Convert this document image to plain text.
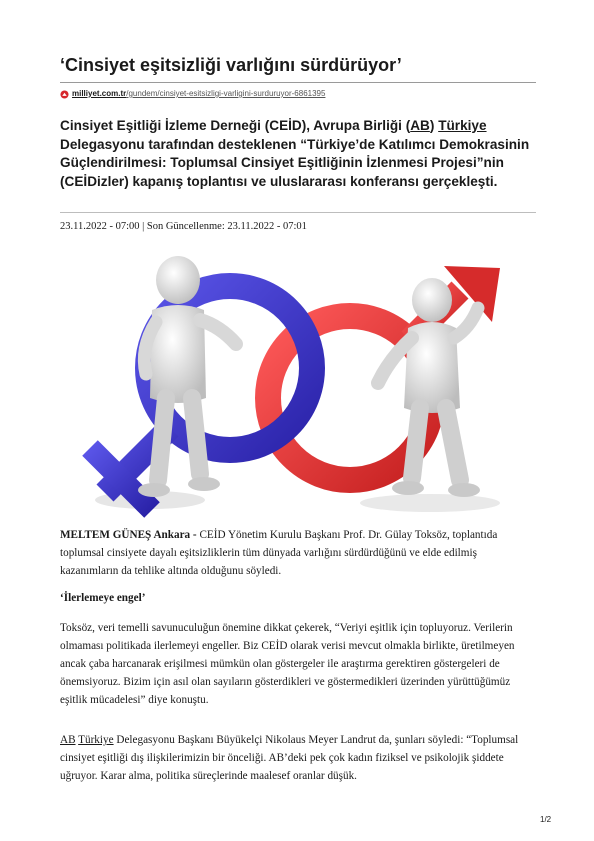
‘Cinsiyet eşitsizliği varlığını sürdürüyor’
milliyet.com.tr/gundem/cinsiyet-esitsizligi-varligini-surduruyor-6861395

Cinsiyet Eşitliği İzleme Derneği (CEİD), Avrupa Birliği (AB) Türkiye Delegasyonu tarafından desteklenen “Türkiye’de Katılımcı Demokrasinin Güçlendirilmesi: Toplumsal Cinsiyet Eşitliğinin İzlenmesi Projesi”nin (CEİDizler) kapanış toplantısı ve uluslararası konferansı gerçekleşti.

23.11.2022 - 07:00 | Son Güncellenme: 23.11.2022 - 07:01

MELTEM GÜNEŞ Ankara - CEİD Yönetim Kurulu Başkanı Prof. Dr. Gülay Toksöz, toplantıda toplumsal cinsiyete dayalı eşitsizliklerin tüm dünyada varlığını sürdürdüğünü ve elde edilmiş kazanımların da tehlike altında olduğunu söyledi.

‘İlerlemeye engel’

Toksöz, veri temelli savunuculuğun önemine dikkat çekerek, “Veriyi eşitlik için topluyoruz. Verilerin olmaması politikada ilerlemeyi engeller. Biz CEİD olarak verisi mevcut olmakla birlikte, üretilmeyen ancak çaba harcanarak erişilmesi mümkün olan göstergeler ile araştırma gerektiren göstergeleri de önemsiyoruz. Bizim için asıl olan sayıların gösterdikleri ve göstermedikleri üzerinden yürüttüğümüz eşitlik mücadelesi” diye konuştu.

AB Türkiye Delegasyonu Başkanı Büyükelçi Nikolaus Meyer Landrut da, şunları söyledi: “Toplumsal cinsiyet eşitliği dış ilişkilerimizin bir önceliği. AB’deki pek çok kadın fiziksel ve psikolojik şiddete uğruyor. Karar alma, politika süreçlerinde maalesef oranlar düşük.

1/2
